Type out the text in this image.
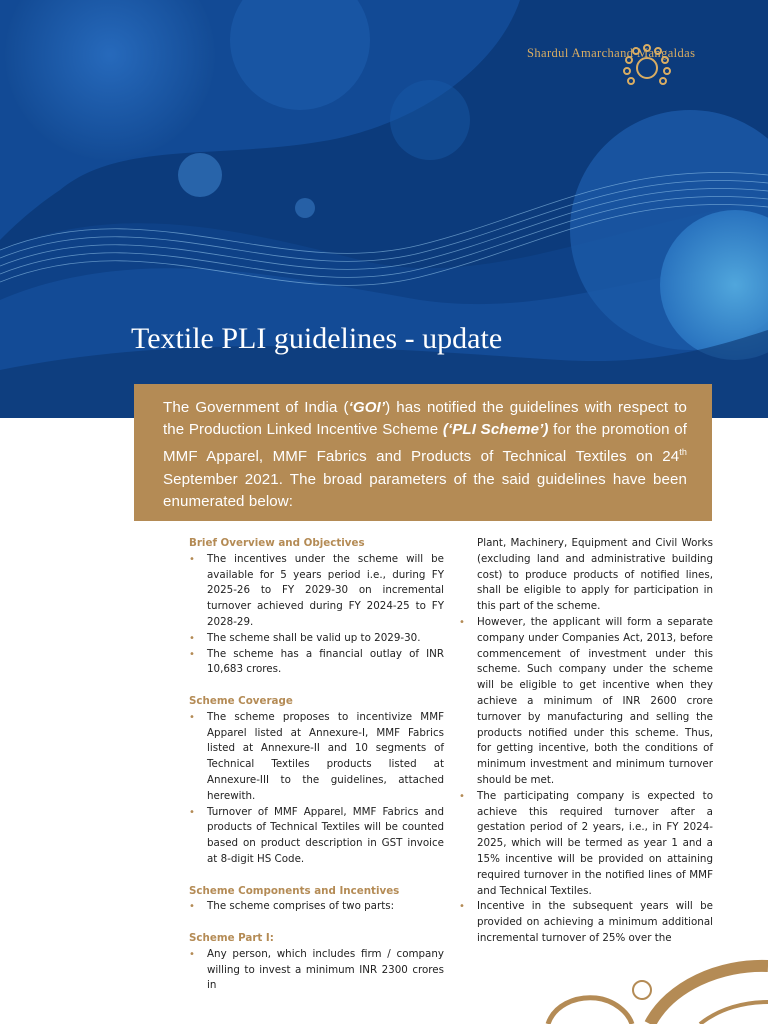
Shardul Amarchand Mangaldas
Textile PLI guidelines - update

The Government of India (‘GOI’) has notified the guidelines with respect to the Production Linked Incentive Scheme (‘PLI Scheme’) for the promotion of MMF Apparel, MMF Fabrics and Products of Technical Textiles on 24th September 2021. The broad parameters of the said guidelines have been enumerated below:

Brief Overview and Objectives

• The incentives under the scheme will be available for 5 years period i.e., during FY 2025-26 to FY 2029-30 on incremental turnover achieved during FY 2024-25 to FY 2028-29.
• The scheme shall be valid up to 2029-30.
• The scheme has a financial outlay of INR 10,683 crores.

Scheme Coverage

• The scheme proposes to incentivize MMF Apparel listed at Annexure-I, MMF Fabrics listed at Annexure-II and 10 segments of Technical Textiles products listed at Annexure-III to the guidelines, attached herewith.
• Turnover of MMF Apparel, MMF Fabrics and products of Technical Textiles will be counted based on product description in GST invoice at 8-digit HS Code.

Scheme Components and Incentives

• The scheme comprises of two parts:

Scheme Part I:

• Any person, which includes firm / company willing to invest a minimum INR 2300 crores in
Plant, Machinery, Equipment and Civil Works (excluding land and administrative building cost) to produce products of notified lines, shall be eligible to apply for participation in this part of the scheme.
• However, the applicant will form a separate company under Companies Act, 2013, before commencement of investment under this scheme. Such company under the scheme will be eligible to get incentive when they achieve a minimum of INR 2600 crore turnover by manufacturing and selling the products notified under this scheme. Thus, for getting incentive, both the conditions of minimum investment and minimum turnover should be met.
• The participating company is expected to achieve this required turnover after a gestation period of 2 years, i.e., in FY 2024-2025, which will be termed as year 1 and a 15% incentive will be provided on attaining required turnover in the notified lines of MMF and Technical Textiles.
• Incentive in the subsequent years will be provided on achieving a minimum additional incremental turnover of 25% over the
